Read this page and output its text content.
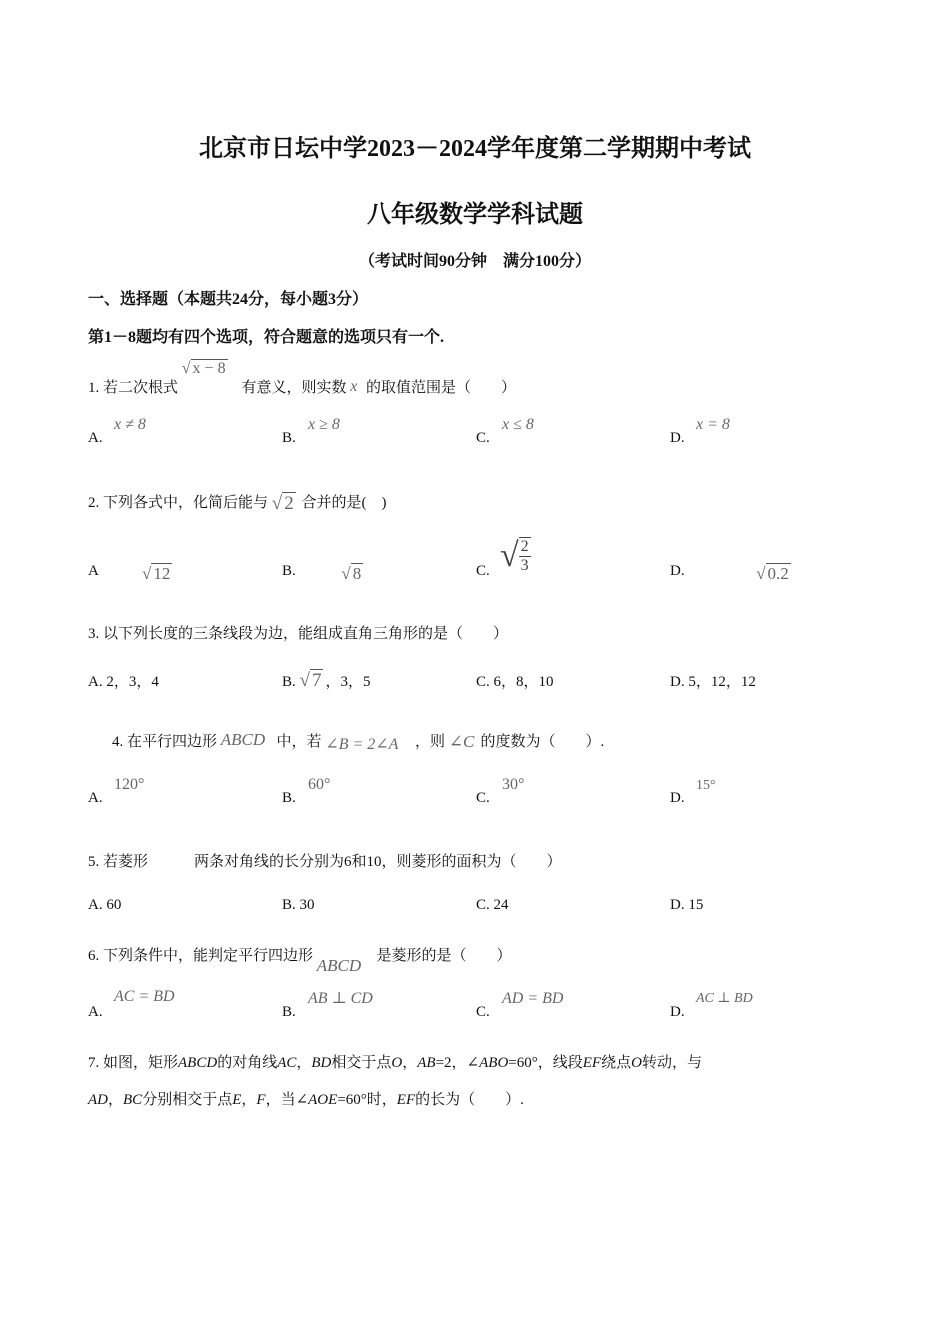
北京市日坛中学2023－2024学年度第二学期期中考试
八年级数学学科试题
（考试时间90分钟　满分100分）
一、选择题（本题共24分，每小题3分）
第1－8题均有四个选项，符合题意的选项只有一个.
1. 若二次根式
√ x − 8
有意义，则实数 x 的取值范围是（　　）
A.
x ≠ 8
B.
x ≥ 8
C.
x ≤ 8
D.
x = 8
2. 下列各式中，化简后能与 √ 2 合并的是(　)
A	√ 12	B.	√ 8	C. √ $\frac{2}{3}$	D.	√ 0.2
3. 以下列长度的三条线段为边，能组成直角三角形的是（　　）
A. 2，3，4	B. √ 7 ，3，5	C. 6，8，10	D. 5，12，12
4. 在平行四边形 ABCD 中，若 ∠B = 2∠A ，则 ∠C 的度数为（　　）.
A.
120°
B.
60°
C.
30°
D.
15°
5. 若菱形	两条对角线的长分别为6和10，则菱形的面积为（　　）
A. 60	B. 30	C. 24	D. 15
6. 下列条件中，能判定平行四边形 ABCD 是菱形的是（　　）
A.
AC = BD
B.
AB ⊥ CD
C.
AD = BD
D.
AC ⊥ BD
7. 如图，矩形ABCD的对角线AC，BD相交于点O，AB=2，∠ABO=60°，线段EF绕点O转动，与
AD，BC分别相交于点E，F，当∠AOE=60°时，EF的长为（　　）.
